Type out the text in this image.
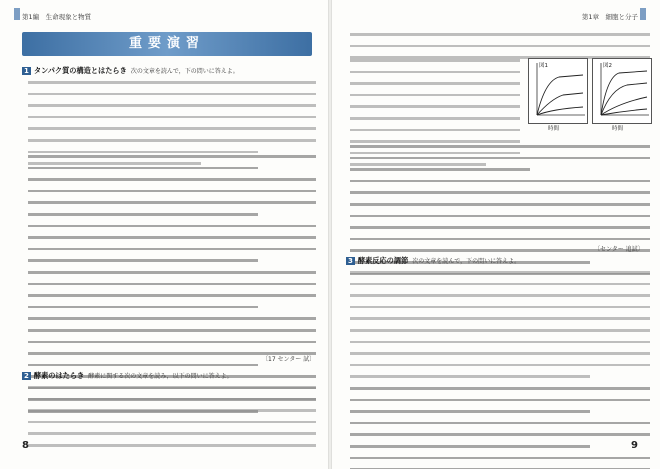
第1編　生命現象と物質
重要演習
1 タンパク質の構造とはたらき 次の文章を読んで，下の問いに答えよ。
〔17 センター 試〕
2 酵素のはたらき 酵素に関する次の文章を読み，以下の問いに答えよ。
8
第1章　細胞と分子
図1
時間
図2
時間
〔センター 追試〕
3 酵素反応の調節 次の文章を読んで，下の問いに答えよ。
9
